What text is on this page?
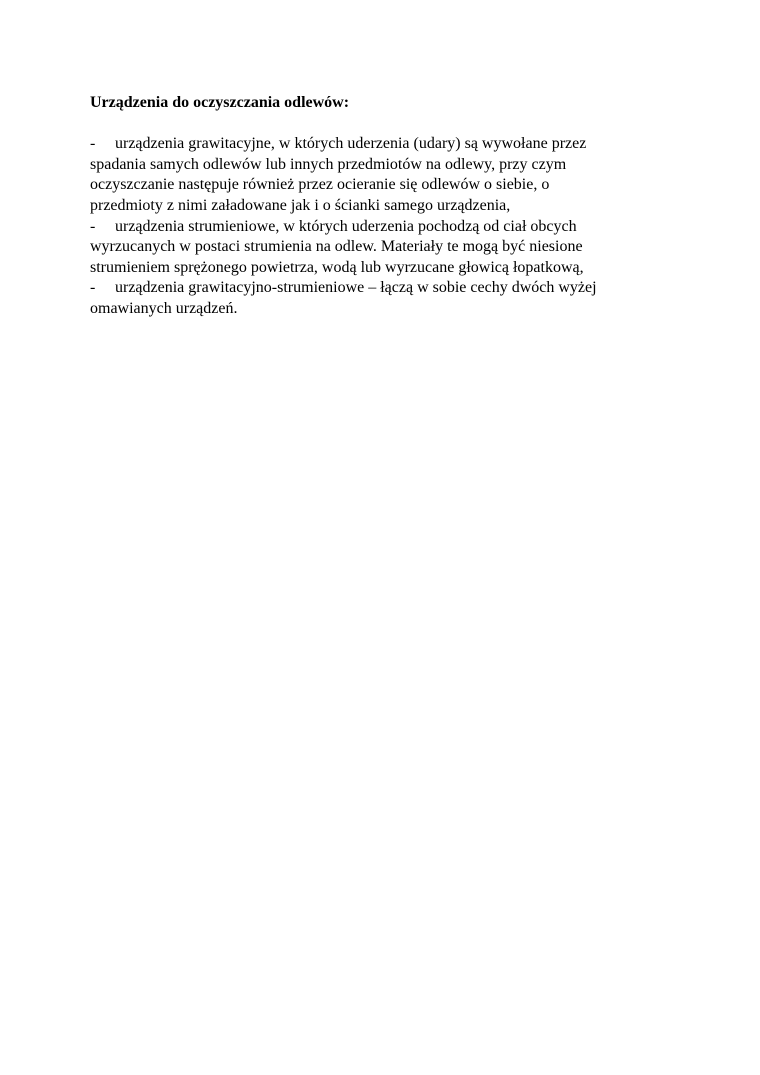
Urządzenia do oczyszczania odlewów:

- urządzenia grawitacyjne, w których uderzenia (udary) są wywołane przez

spadania samych odlewów lub innych przedmiotów na odlewy, przy czym

oczyszczanie następuje również przez ocieranie się odlewów o siebie, o

przedmioty z nimi załadowane jak i o ścianki samego urządzenia,

- urządzenia strumieniowe, w których uderzenia pochodzą od ciał obcych

wyrzucanych w postaci strumienia na odlew. Materiały te mogą być niesione

strumieniem sprężonego powietrza, wodą lub wyrzucane głowicą łopatkową,

- urządzenia grawitacyjno-strumieniowe – łączą w sobie cechy dwóch wyżej

omawianych urządzeń.
